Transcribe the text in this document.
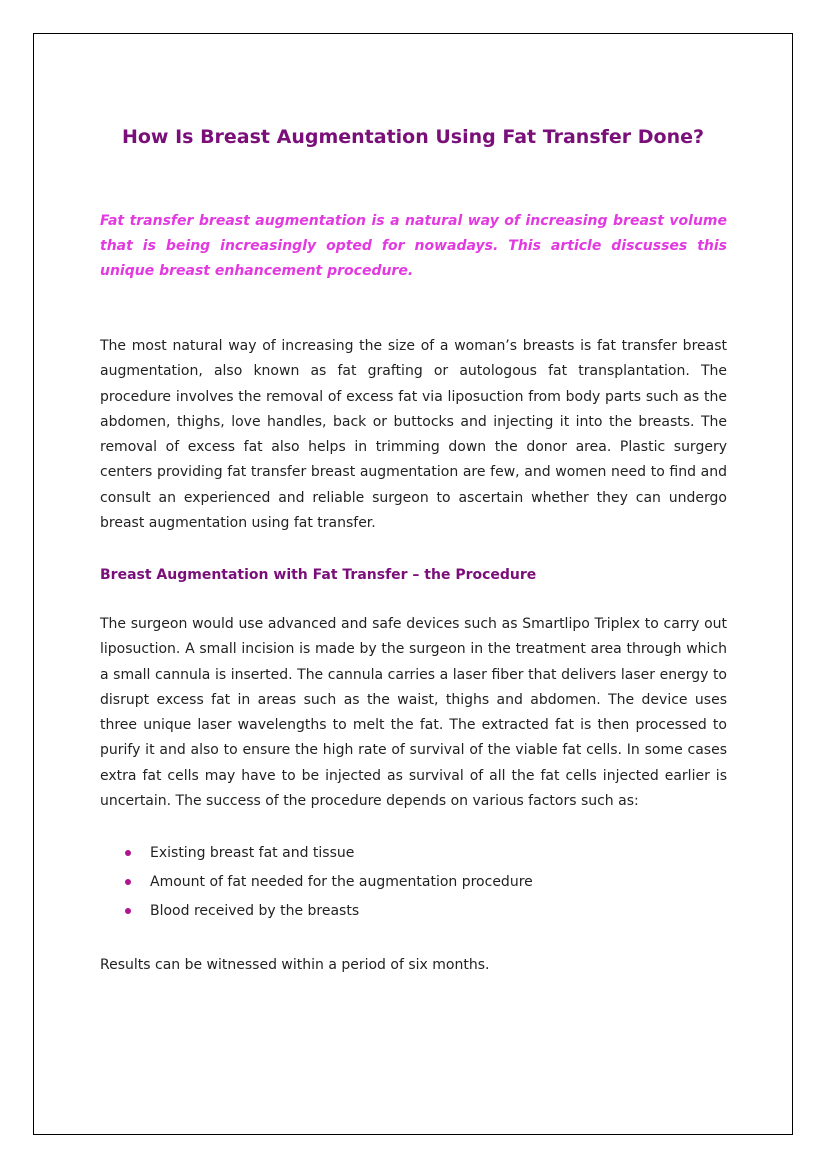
How Is Breast Augmentation Using Fat Transfer Done?

Fat transfer breast augmentation is a natural way of increasing breast volume that is being increasingly opted for nowadays. This article discusses this unique breast enhancement procedure.

The most natural way of increasing the size of a woman’s breasts is fat transfer breast augmentation, also known as fat grafting or autologous fat transplantation. The procedure involves the removal of excess fat via liposuction from body parts such as the abdomen, thighs, love handles, back or buttocks and injecting it into the breasts. The removal of excess fat also helps in trimming down the donor area. Plastic surgery centers providing fat transfer breast augmentation are few, and women need to find and consult an experienced and reliable surgeon to ascertain whether they can undergo breast augmentation using fat transfer.

Breast Augmentation with Fat Transfer – the Procedure

The surgeon would use advanced and safe devices such as Smartlipo Triplex to carry out liposuction. A small incision is made by the surgeon in the treatment area through which a small cannula is inserted. The cannula carries a laser fiber that delivers laser energy to disrupt excess fat in areas such as the waist, thighs and abdomen. The device uses three unique laser wavelengths to melt the fat. The extracted fat is then processed to purify it and also to ensure the high rate of survival of the viable fat cells. In some cases extra fat cells may have to be injected as survival of all the fat cells injected earlier is uncertain. The success of the procedure depends on various factors such as:

Existing breast fat and tissue
Amount of fat needed for the augmentation procedure
Blood received by the breasts

Results can be witnessed within a period of six months.
